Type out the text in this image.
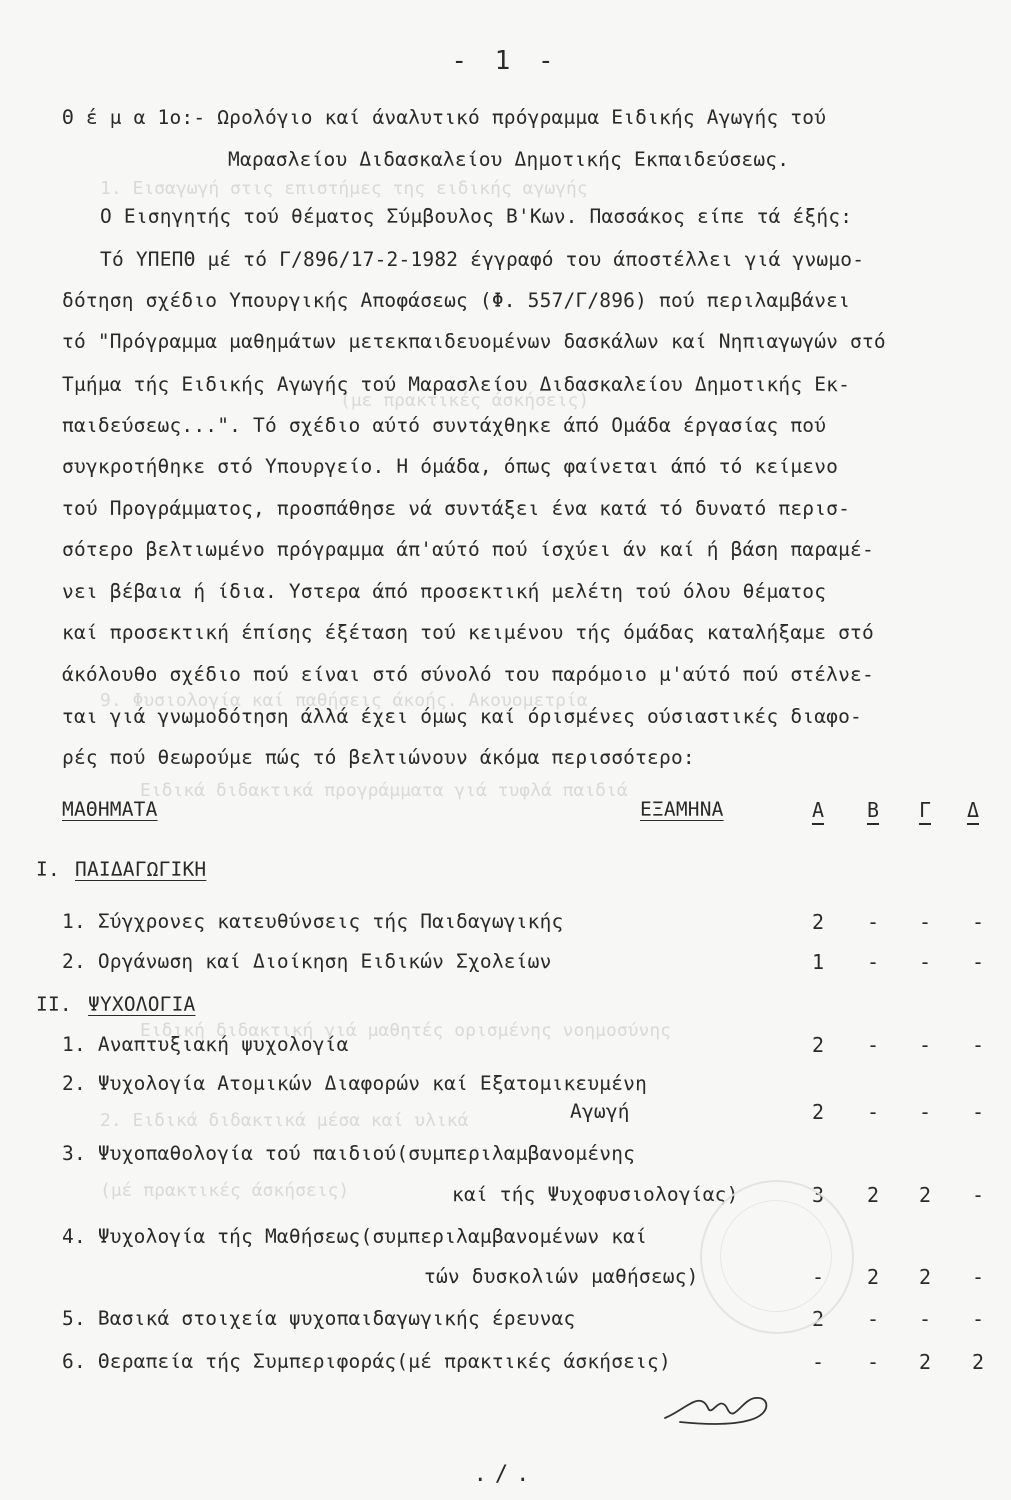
1. Εισαγωγή στις επιστήμες της ειδικής αγωγής
(με πρακτικές άσκήσεις)
9. Φυσιολογία καί παθήσεις άκοής. Ακουομετρία
Ειδικά διδακτικά προγράμματα γιά τυφλά παιδιά
Ειδική διδακτική γιά μαθητές ορισμένης νοημοσύνης
2. Ειδικά διδακτικά μέσα καί υλικά
(μέ πρακτικές άσκήσεις)
- 1 -
Θ έ μ α 1ο:- Ωρολόγιο καί άναλυτικό πρόγραμμα Ειδικής Αγωγής τού
Μαρασλείου Διδασκαλείου Δημοτικής Εκπαιδεύσεως.
Ο Εισηγητής τού θέματος Σύμβουλος Β'Κων. Πασσάκος είπε τά έξής:
Τό ΥΠΕΠΘ μέ τό Γ/896/17-2-1982 έγγραφό του άποστέλλει γιά γνωμο-
δότηση σχέδιο Υπουργικής Αποφάσεως (Φ. 557/Γ/896) πού περιλαμβάνει
τό "Πρόγραμμα μαθημάτων μετεκπαιδευομένων δασκάλων καί Νηπιαγωγών στό
Τμήμα τής Ειδικής Αγωγής τού Μαρασλείου Διδασκαλείου Δημοτικής Εκ-
παιδεύσεως...". Τό σχέδιο αύτό συντάχθηκε άπό Ομάδα έργασίας πού
συγκροτήθηκε στό Υπουργείο. Η όμάδα, όπως φαίνεται άπό τό κείμενο
τού Προγράμματος, προσπάθησε νά συντάξει ένα κατά τό δυνατό περισ-
σότερο βελτιωμένο πρόγραμμα άπ'αύτό πού ίσχύει άν καί ή βάση παραμέ-
νει βέβαια ή ίδια. Υστερα άπό προσεκτική μελέτη τού όλου θέματος
καί προσεκτική έπίσης έξέταση τού κειμένου τής όμάδας καταλήξαμε στό
άκόλουθο σχέδιο πού είναι στό σύνολό του παρόμοιο μ'αύτό πού στέλνε-
ται γιά γνωμοδότηση άλλά έχει όμως καί όρισμένες ούσιαστικές διαφο-
ρές πού θεωρούμε πώς τό βελτιώνουν άκόμα περισσότερο:
ΜΑΘΗΜΑΤΑ	ΕΞΑΜΗΝΑ	Α	Β	Γ	Δ
Ι. ΠΑΙΔΑΓΩΓΙΚΗ
1. Σύγχρονες κατευθύνσεις τής Παιδαγωγικής	2	-	-	-
2. Οργάνωση καί Διοίκηση Ειδικών Σχολείων	1	-	-	-
ΙΙ. ΨΥΧΟΛΟΓΙΑ
1. Αναπτυξιακή ψυχολογία	2	-	-	-
2. Ψυχολογία Ατομικών Διαφορών καί Εξατομικευμένη
Αγωγή	2	-	-	-
3. Ψυχοπαθολογία τού παιδιού(συμπεριλαμβανομένης
καί τής Ψυχοφυσιολογίας)	3	2	2	-
4. Ψυχολογία τής Μαθήσεως(συμπεριλαμβανομένων καί
τών δυσκολιών μαθήσεως)	-	2	2	-
5. Βασικά στοιχεία ψυχοπαιδαγωγικής έρευνας	2	-	-	-
6. Θεραπεία τής Συμπεριφοράς(μέ πρακτικές άσκήσεις)	-	-	2	2
./.
